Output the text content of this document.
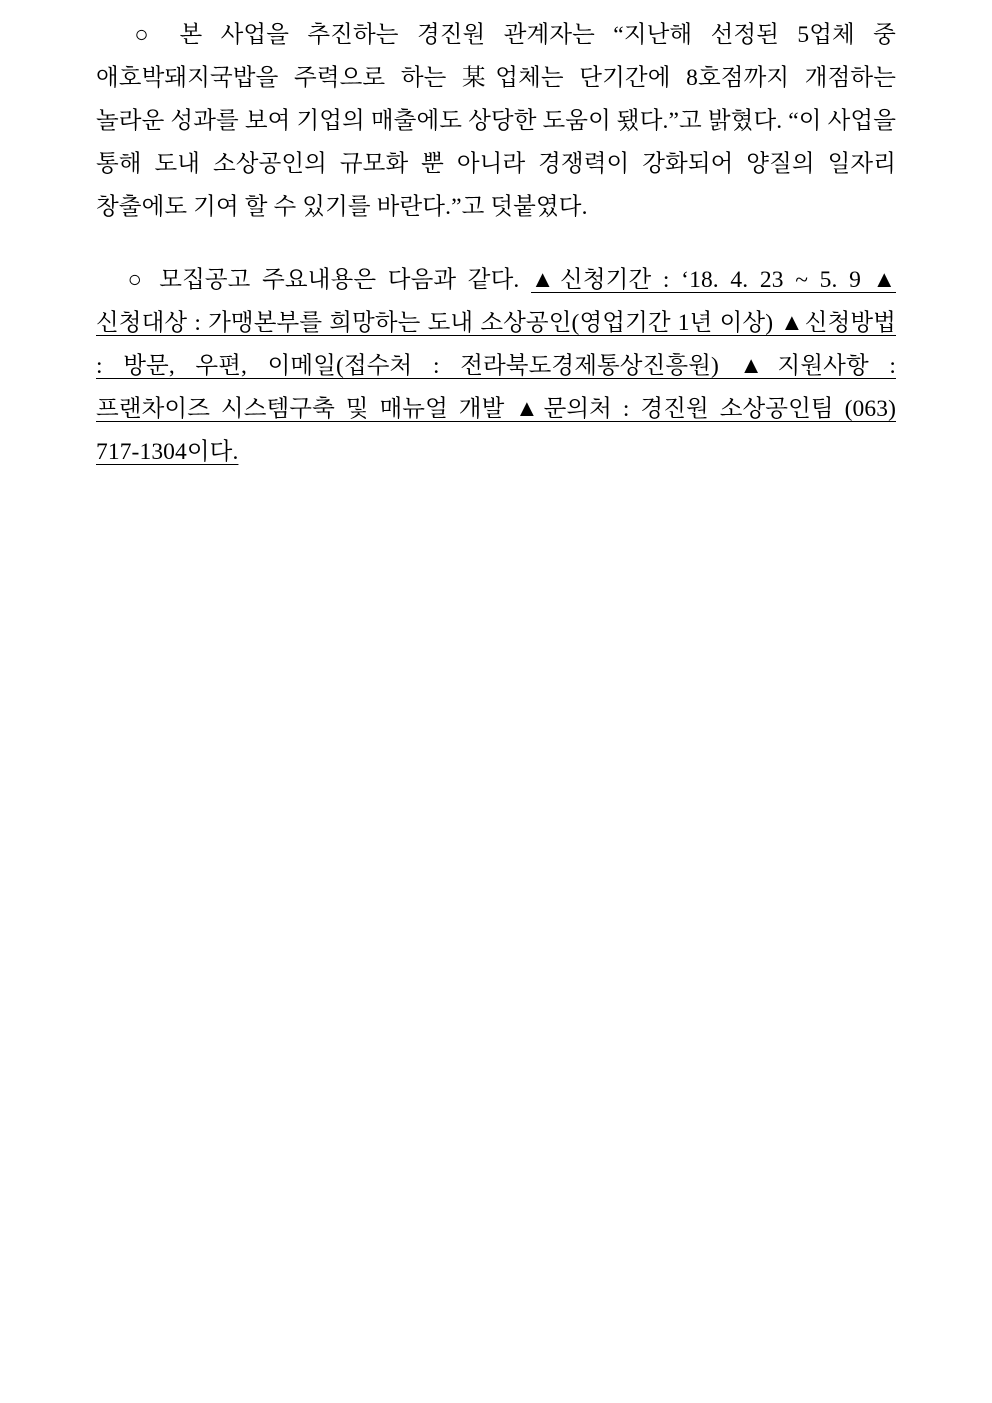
○ 본 사업을 추진하는 경진원 관계자는 “지난해 선정된 5업체 중 애호박돼지국밥을 주력으로 하는 某업체는 단기간에 8호점까지 개점하는 놀라운 성과를 보여 기업의 매출에도 상당한 도움이 됐다.”고 밝혔다. “이 사업을 통해 도내 소상공인의 규모화 뿐 아니라 경쟁력이 강화되어 양질의 일자리 창출에도 기여 할 수 있기를 바란다.”고 덧붙였다.

○ 모집공고 주요내용은 다음과 같다. ▲신청기간 : ‘18. 4. 23 ~ 5. 9 ▲신청대상 : 가맹본부를 희망하는 도내 소상공인(영업기간 1년 이상) ▲신청방법 : 방문, 우편, 이메일(접수처 : 전라북도경제통상진흥원) ▲지원사항 : 프랜차이즈 시스템구축 및 매뉴얼 개발 ▲문의처 : 경진원 소상공인팀 (063) 717-1304이다.
